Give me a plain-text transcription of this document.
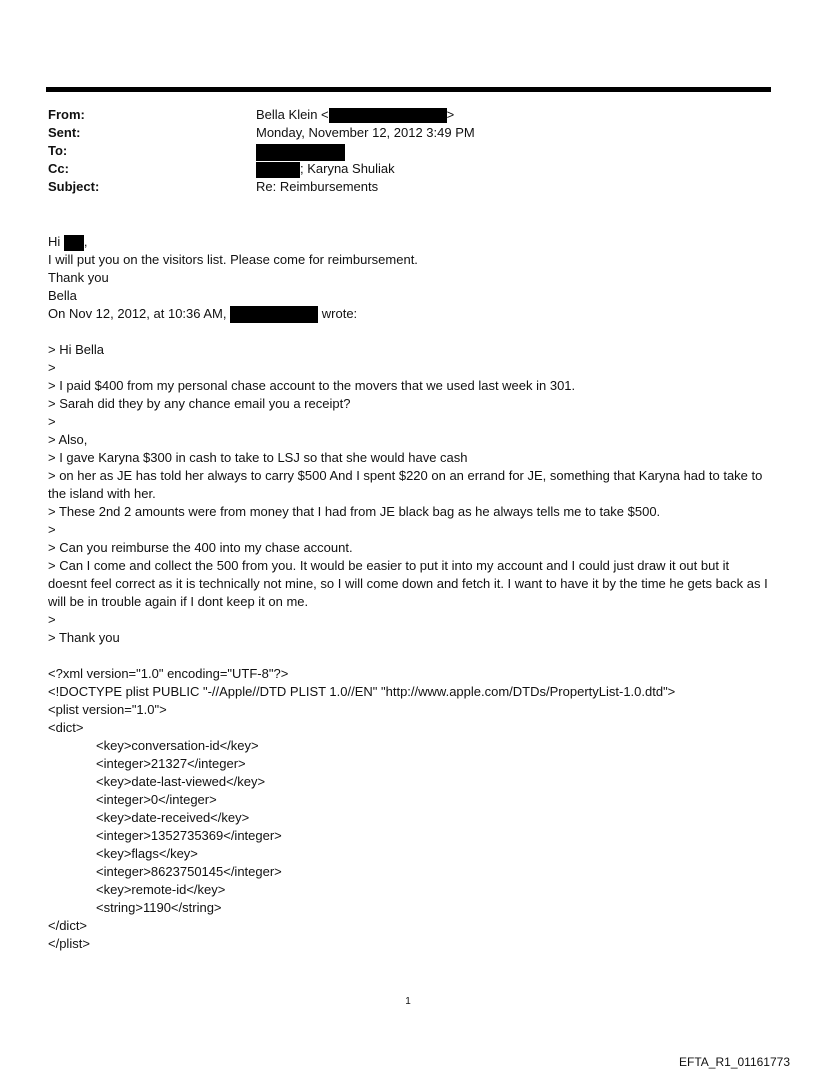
From:	Bella Klein <	>
Sent:	Monday, November 12, 2012 3:49 PM
To:
Cc:	; Karyna Shuliak
Subject:	Re: Reimbursements
Hi ,
I will put you on the visitors list. Please come for reimbursement.
Thank you
Bella
On Nov 12, 2012, at 10:36 AM,	wrote:
> Hi Bella
>
> I paid $400 from my personal chase account to the movers that we used last week in 301.
> Sarah did they by any chance email you a receipt?
>
> Also,
> I gave Karyna $300 in cash to take to LSJ so that she would have cash
> on her as JE has told her always to carry $500 And I spent $220 on an errand for JE, something that Karyna had to take to the island with her.
> These 2nd 2 amounts were from money that I had from JE black bag as he always tells me to take $500.
>
> Can you reimburse the 400 into my chase account.
> Can I come and collect the 500 from you. It would be easier to put it into my account and I could just draw it out but it doesnt feel correct as it is technically not mine, so I will come down and fetch it. I want to have it by the time he gets back as I will be in trouble again if I dont keep it on me.
>
> Thank you
<?xml version="1.0" encoding="UTF-8"?>
<!DOCTYPE plist PUBLIC "-//Apple//DTD PLIST 1.0//EN" "http://www.apple.com/DTDs/PropertyList-1.0.dtd">
<plist version="1.0">
<dict>
<key>conversation-id</key>
<integer>21327</integer>
<key>date-last-viewed</key>
<integer>0</integer>
<key>date-received</key>
<integer>1352735369</integer>
<key>flags</key>
<integer>8623750145</integer>
<key>remote-id</key>
<string>1190</string>
</dict>
</plist>
1
EFTA_R1_01161773
